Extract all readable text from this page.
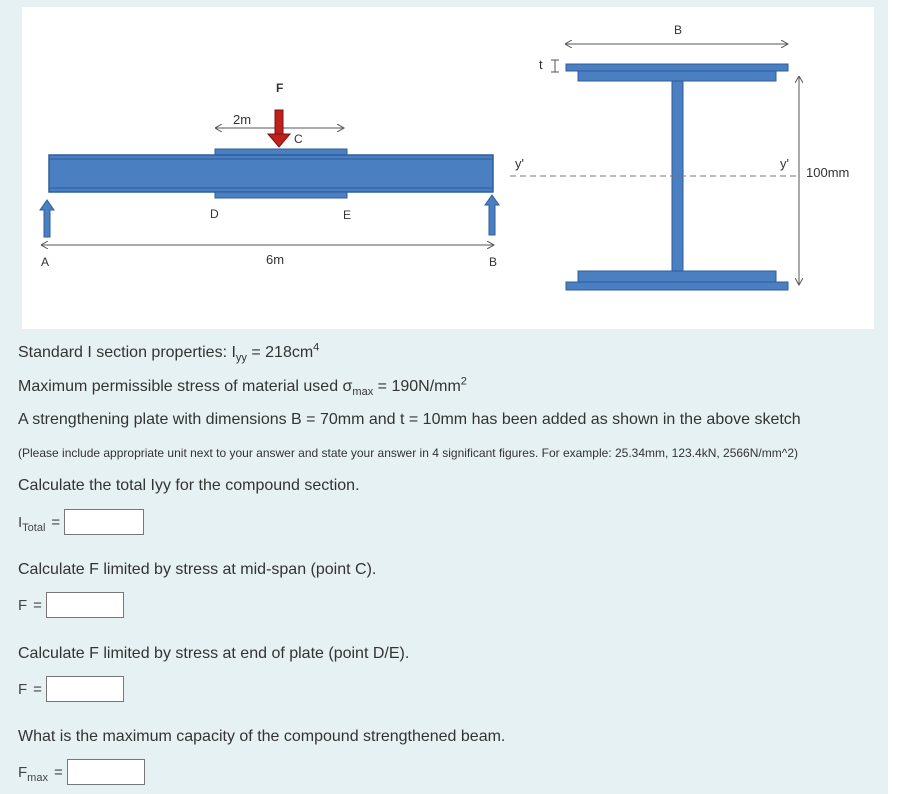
2m
C
F
D	E
A	6m	B
B
t
y'	y'
100mm
Standard I section properties: $I_{yy} = 218cm^4$
Maximum permissible stress of material used $\sigma_{max} = 190N/mm^2$
A strengthening plate with dimensions B = 70mm and t = 10mm has been added as shown in the above sketch
(Please include appropriate unit next to your answer and state your answer in 4 significant figures. For example: 25.34mm, 123.4kN, 2566N/mm^2)
Calculate the total Iyy for the compound section.
$I_{Total}$ =
Calculate F limited by stress at mid-span (point C).
F =
Calculate F limited by stress at end of plate (point D/E).
F =
What is the maximum capacity of the compound strengthened beam.
$F_{max}$ =
